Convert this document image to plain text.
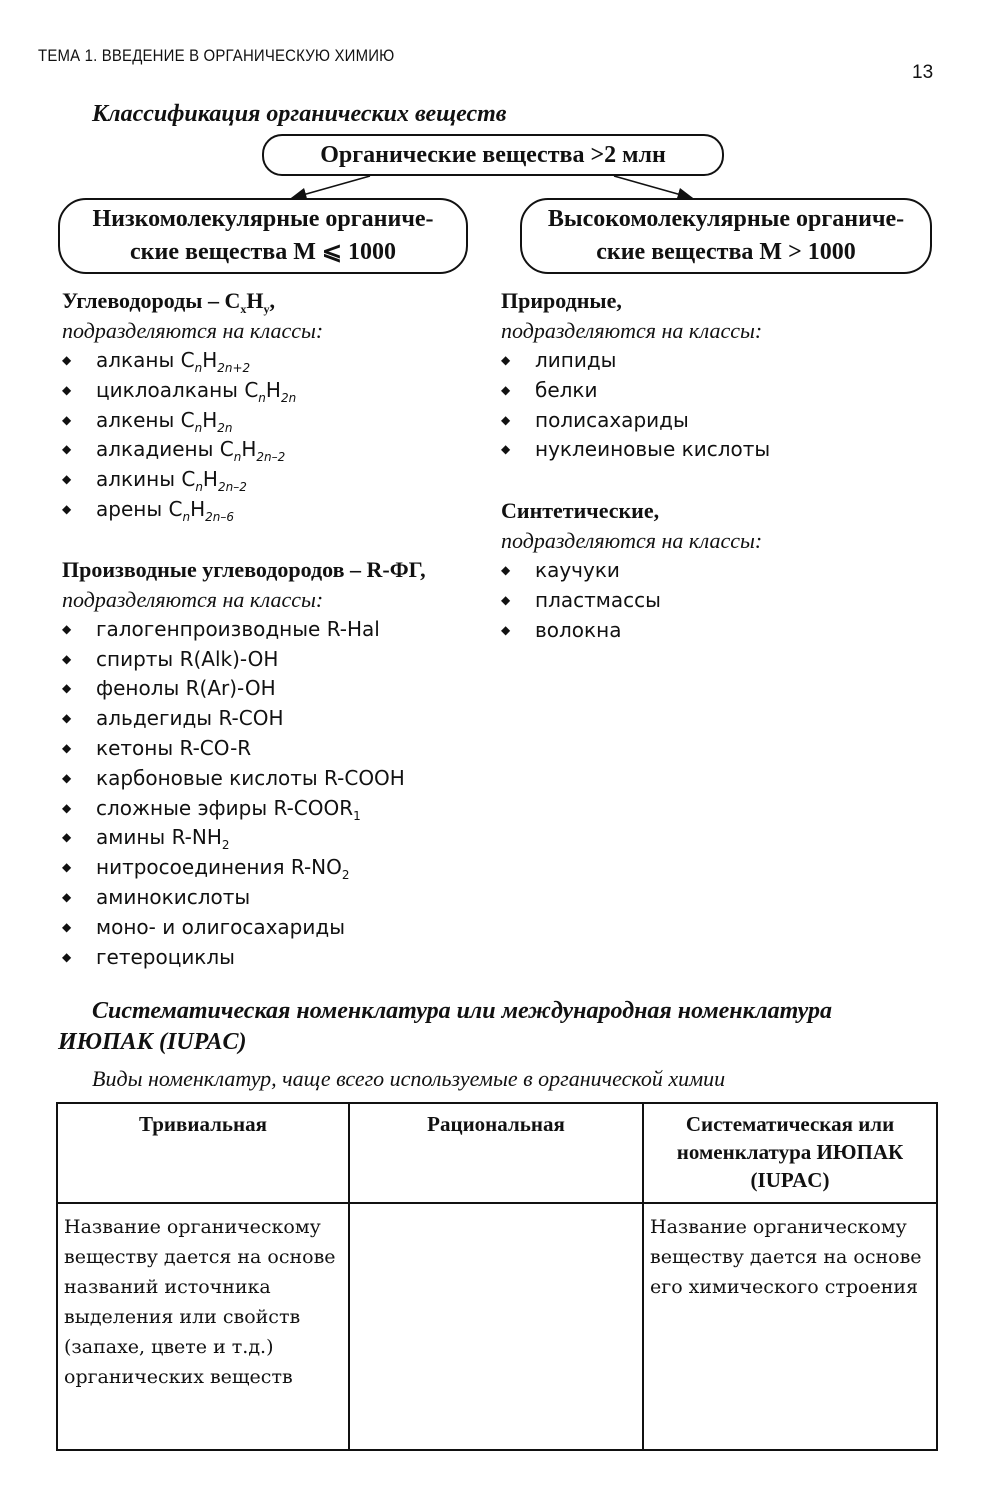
ТЕМА 1. ВВЕДЕНИЕ В ОРГАНИЧЕСКУЮ ХИМИЮ
13
Классификация органических веществ
Органические вещества >2 млн
Низкомолекулярные органиче-
ские вещества M ⩽ 1000
Высокомолекулярные органиче-
ские вещества M > 1000
Углеводороды – $C_xH_y$,
подразделяются на классы:
◆ алканы $C_nH_{2n+2}$
◆ циклоалканы $C_nH_{2n}$
◆ алкены $C_nH_{2n}$
◆ алкадиены $C_nH_{2n-2}$
◆ алкины $C_nH_{2n-2}$
◆ арены $C_nH_{2n-6}$
Производные углеводородов – R-ФГ,
подразделяются на классы:
◆ галогенпроизводные R-Hal
◆ спирты R(Alk)-OH
◆ фенолы R(Ar)-OH
◆ альдегиды R-COH
◆ кетоны R-CO-R
◆ карбоновые кислоты R-COOH
◆ сложные эфиры $R-COOR_1$
◆ амины $R-NH_2$
◆ нитросоединения $R-NO_2$
◆ аминокислоты
◆ моно- и олигосахариды
◆ гетероциклы
Природные,
подразделяются на классы:
◆ липиды
◆ белки
◆ полисахариды
◆ нуклеиновые кислоты
Синтетические,
подразделяются на классы:
◆ каучуки
◆ пластмассы
◆ волокна
Систематическая номенклатура или международная номенклатура
ИЮПАК (IUPAC)
Виды номенклатур, чаще всего используемые в органической химии
Тривиальная	Рациональная	Систематическая или номенклатура ИЮПАК (IUPAC)
Название органическому веществу дается на основе названий источника выделения или свойств (запахе, цвете и т.д.) органических веществ		Название органическому веществу дается на основе его химического строения
